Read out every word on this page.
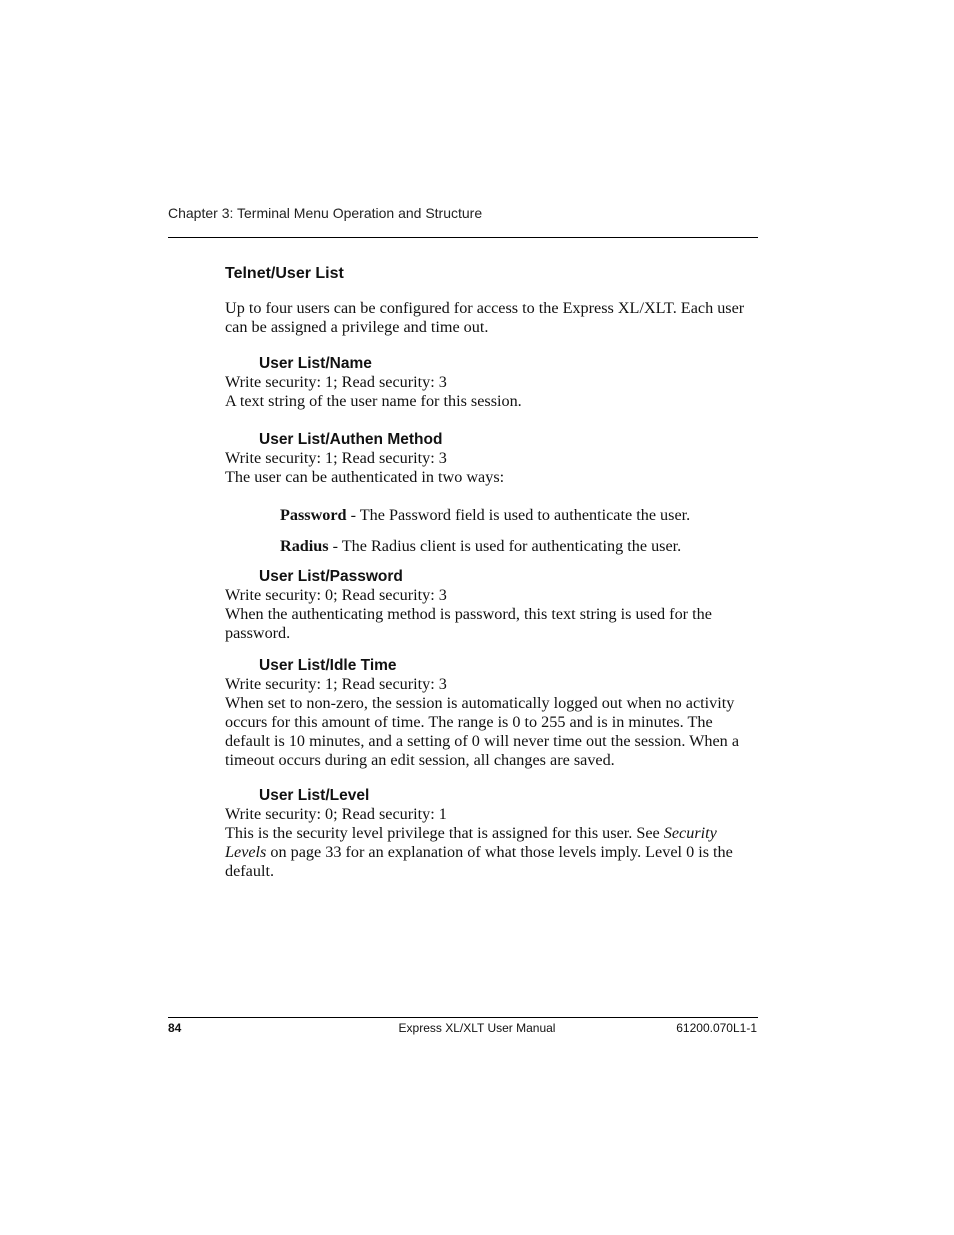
Chapter 3: Terminal Menu Operation and Structure
Telnet/User List

Up to four users can be configured for access to the Express XL/XLT. Each user can be assigned a privilege and time out.

User List/Name

Write security: 1; Read security: 3

A text string of the user name for this session.

User List/Authen Method

Write security: 1; Read security: 3

The user can be authenticated in two ways:

Password - The Password field is used to authenticate the user.

Radius - The Radius client is used for authenticating the user.

User List/Password

Write security: 0; Read security: 3

When the authenticating method is password, this text string is used for the password.

User List/Idle Time

Write security: 1; Read security: 3

When set to non-zero, the session is automatically logged out when no activity occurs for this amount of time. The range is 0 to 255 and is in minutes. The default is 10 minutes, and a setting of 0 will never time out the session. When a timeout occurs during an edit session, all changes are saved.

User List/Level

Write security: 0; Read security: 1

This is the security level privilege that is assigned for this user. See Security Levels on page 33 for an explanation of what those levels imply. Level 0 is the default.

84	Express XL/XLT User Manual	61200.070L1-1
